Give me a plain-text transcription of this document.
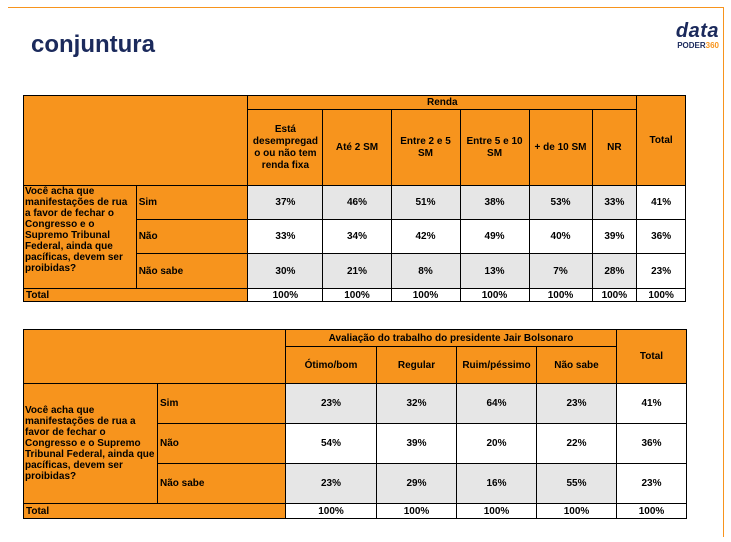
conjuntura	data
PODER360
		Renda						Total
		Está desempregad o ou não tem renda fixa	Até 2 SM	Entre 2 e 5 SM	Entre 5 e 10 SM	+ de 10 SM	NR	
Você acha que manifestações de rua a favor de fechar o Congresso e o Supremo Tribunal Federal, ainda que pacíficas, devem ser proibidas?	Sim	37%	46%	51%	38%	53%	33%	41%
	Não	33%	34%	42%	49%	40%	39%	36%
	Não sabe	30%	21%	8%	13%	7%	28%	23%
Total		100%	100%	100%	100%	100%	100%	100%
		Avaliação do trabalho do presidente Jair Bolsonaro				Total
		Ótimo/bom	Regular	Ruim/péssimo	Não sabe	
Você acha que manifestações de rua a favor de fechar o Congresso e o Supremo Tribunal Federal, ainda que pacíficas, devem ser proibidas?	Sim	23%	32%	64%	23%	41%
	Não	54%	39%	20%	22%	36%
	Não sabe	23%	29%	16%	55%	23%
Total		100%	100%	100%	100%	100%
